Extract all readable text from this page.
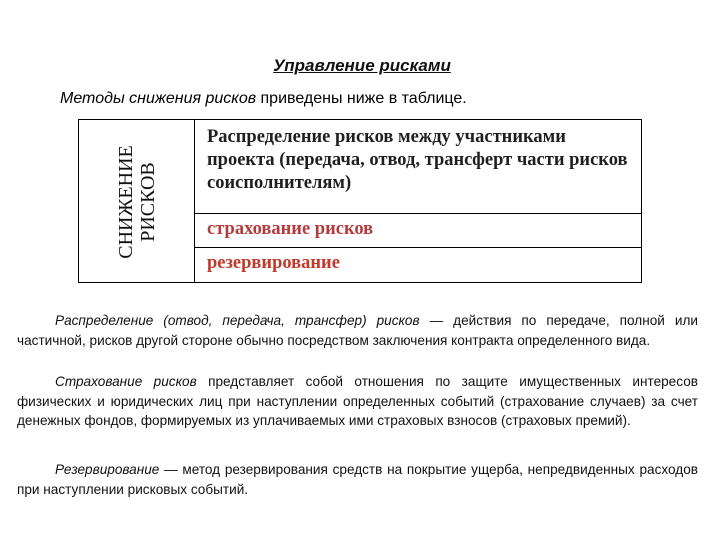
Управление рисками
Методы снижения рисков приведены ниже в таблице.
СНИЖЕНИЕ РИСКОВ
Распределение рисков между участниками проекта (передача, отвод, трансферт части рисков соисполнителям)
страхование рисков
резервирование
Распределение (отвод, передача, трансфер) рисков — действия по передаче, полной или частичной, рисков другой стороне обычно посредством заключения контракта определенного вида.
Страхование рисков представляет собой отношения по защите имущественных интересов физических и юридических лиц при наступлении определенных событий (страхование случаев) за счет денежных фондов, формируемых из уплачиваемых ими страховых взносов (страховых премий).
Резервирование — метод резервирования средств на покрытие ущерба, непредвиденных расходов при наступлении рисковых событий.
